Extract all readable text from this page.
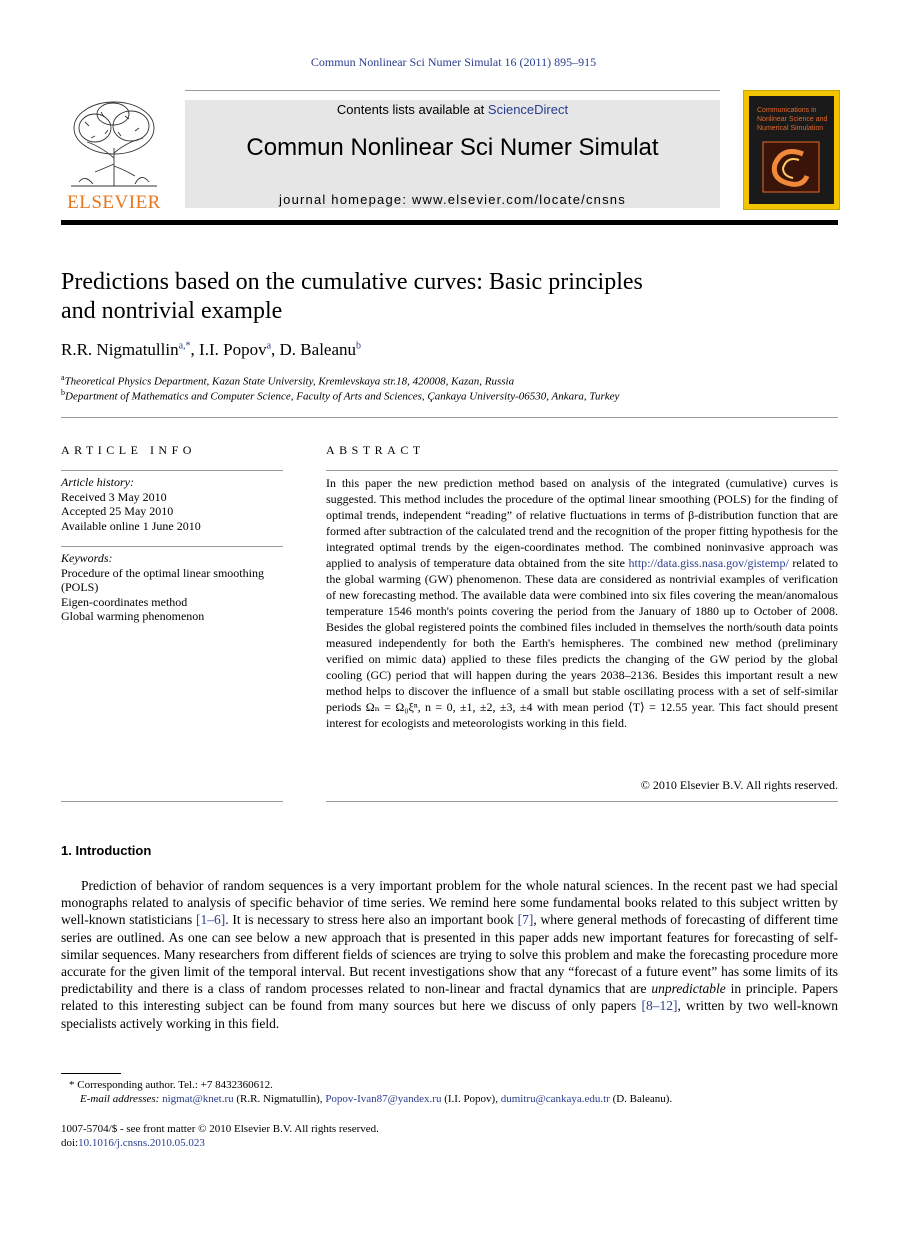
Commun Nonlinear Sci Numer Simulat 16 (2011) 895–915
ELSEVIER
Contents lists available at ScienceDirect
Commun Nonlinear Sci Numer Simulat
journal homepage: www.elsevier.com/locate/cnsns
Communications in Nonlinear Science and Numerical Simulation
Predictions based on the cumulative curves: Basic principles
and nontrivial example
R.R. Nigmatullin$^{a,*}$, I.I. Popov$^a$, D. Baleanu$^b$
$^a$Theoretical Physics Department, Kazan State University, Kremlevskaya str.18, 420008, Kazan, Russia
$^b$Department of Mathematics and Computer Science, Faculty of Arts and Sciences, Çankaya University-06530, Ankara, Turkey
ARTICLE INFO
Article history:
Received 3 May 2010
Accepted 25 May 2010
Available online 1 June 2010
Keywords:
Procedure of the optimal linear smoothing
(POLS)
Eigen-coordinates method
Global warming phenomenon
ABSTRACT
In this paper the new prediction method based on analysis of the integrated (cumulative) curves is suggested. This method includes the procedure of the optimal linear smoothing (POLS) for the finding of optimal trends, independent “reading” of relative fluctuations in terms of β-distribution function that are formed after subtraction of the calculated trend and the recognition of the proper fitting hypothesis for the integrated optimal trends by the eigen-coordinates method. The combined noninvasive approach was applied to analysis of temperature data obtained from the site http://data.giss.nasa.gov/gistemp/ related to the global warming (GW) phenomenon. These data are considered as nontrivial examples of verification of new forecasting method. The available data were combined into six files covering the mean/anomalous temperature 1546 month's points covering the period from the January of 1880 up to October of 2008. Besides the global registered points the combined files included in themselves the north/south data points measured independently for both the Earth's hemispheres. The combined new method (preliminary verified on mimic data) applied to these files predicts the changing of the GW period by the global cooling (GC) period that will happen during the years 2038–2136. Besides this important result a new method helps to discover the influence of a small but stable oscillating process with a set of self-similar periods Ωₙ = Ω₀ξⁿ, n = 0, ±1, ±2, ±3, ±4 with mean period ⟨T⟩ = 12.55 year. This fact should present interest for ecologists and meteorologists working in this field.
© 2010 Elsevier B.V. All rights reserved.
1. Introduction
Prediction of behavior of random sequences is a very important problem for the whole natural sciences. In the recent past we had special monographs related to analysis of specific behavior of time series. We remind here some fundamental books related to this subject written by well-known statisticians [1–6]. It is necessary to stress here also an important book [7], where general methods of forecasting of different time series are outlined. As one can see below a new approach that is presented in this paper adds new important features for forecasting of self-similar sequences. Many researchers from different fields of sciences are trying to solve this problem and make the forecasting procedure more accurate for the given limit of the temporal interval. But recent investigations show that any “forecast of a future event” has some limits of its predictability and there is a class of random processes related to non-linear and fractal dynamics that are unpredictable in principle. Papers related to this interesting subject can be found from many sources but here we discuss of only papers [8–12], written by two well-known specialists actively working in this field.
* Corresponding author. Tel.: +7 8432360612.
E-mail addresses: nigmat@knet.ru (R.R. Nigmatullin), Popov-Ivan87@yandex.ru (I.I. Popov), dumitru@cankaya.edu.tr (D. Baleanu).
1007-5704/$ - see front matter © 2010 Elsevier B.V. All rights reserved.
doi:10.1016/j.cnsns.2010.05.023
